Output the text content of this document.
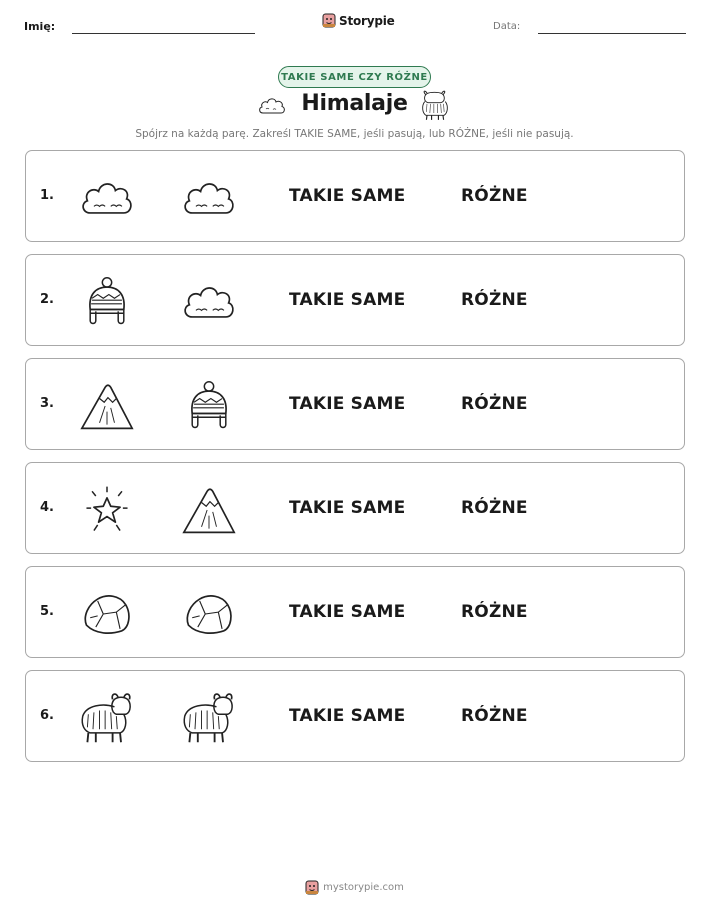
Imię:	Storypie	Data:
TAKIE SAME CZY RÓŻNE
Himalaje
Spójrz na każdą parę. Zakreśl TAKIE SAME, jeśli pasują, lub RÓŻNE, jeśli nie pasują.
1.	TAKIE SAME	RÓŻNE
2.	TAKIE SAME	RÓŻNE
3.	TAKIE SAME	RÓŻNE
4.	TAKIE SAME	RÓŻNE
5.	TAKIE SAME	RÓŻNE
6.	TAKIE SAME	RÓŻNE
mystorypie.com
